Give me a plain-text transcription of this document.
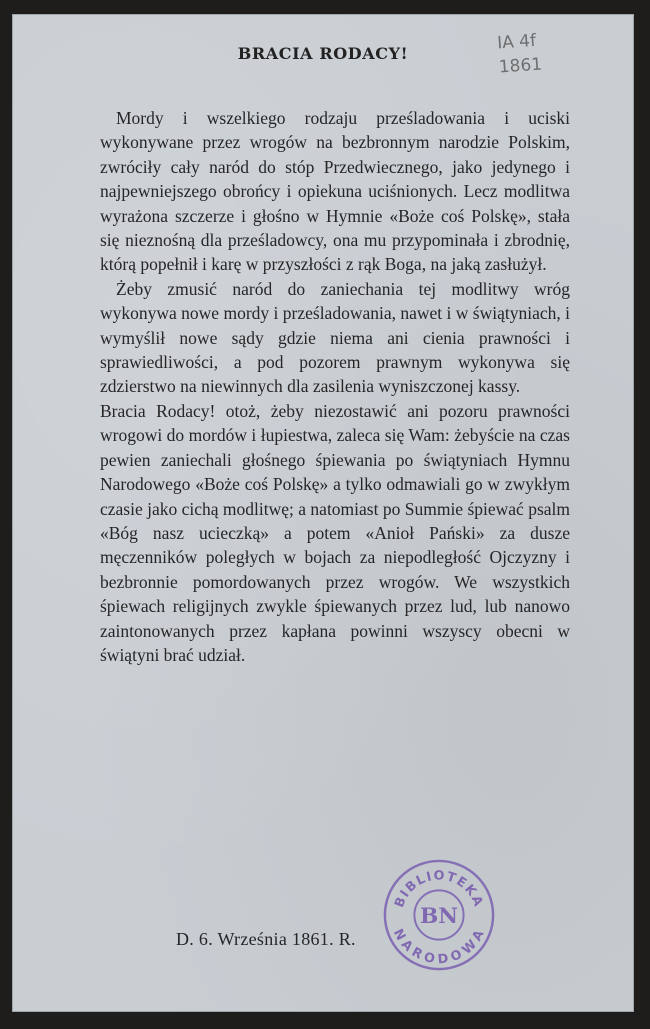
IA 4f
1861
BRACIA RODACY!

Mordy i wszelkiego rodzaju prześladowania i uciski wykonywane przez wrogów na bezbronnym narodzie Polskim, zwróciły cały naród do stóp Przedwiecznego, jako jedynego i najpewniejszego obrońcy i opiekuna uciśnionych. Lecz modlitwa wyrażona szczerze i głośno w Hymnie «Boże coś Polskę», stała się nieznośną dla prześladowcy, ona mu przypominała i zbrodnię, którą popełnił i karę w przyszłości z rąk Boga, na jaką zasłużył.

Żeby zmusić naród do zaniechania tej modlitwy wróg wykonywa nowe mordy i prześladowania, nawet i w świątyniach, i wymyślił nowe sądy gdzie niema ani cienia prawności i sprawiedliwości, a pod pozorem prawnym wykonywa się zdzierstwo na niewinnych dla zasilenia wyniszczonej kassy.

Bracia Rodacy! otoż, żeby niezostawić ani pozoru prawności wrogowi do mordów i łupiestwa, zaleca się Wam: żebyście na czas pewien zaniechali głośnego śpiewania po świątyniach Hymnu Narodowego «Boże coś Polskę» a tylko odmawiali go w zwykłym czasie jako cichą modlitwę; a natomiast po Summie śpiewać psalm «Bóg nasz ucieczką» a potem «Anioł Pański» za dusze męczenników poległych w bojach za niepodległość Ojczyzny i bezbronnie pomordowanych przez wrogów. We wszystkich śpiewach religijnych zwykle śpiewanych przez lud, lub nanowo zaintonowanych przez kapłana powinni wszyscy obecni w świątyni brać udział.

D. 6. Września 1861. R.
BIBLIOTEKA
BN
NARODOWA
